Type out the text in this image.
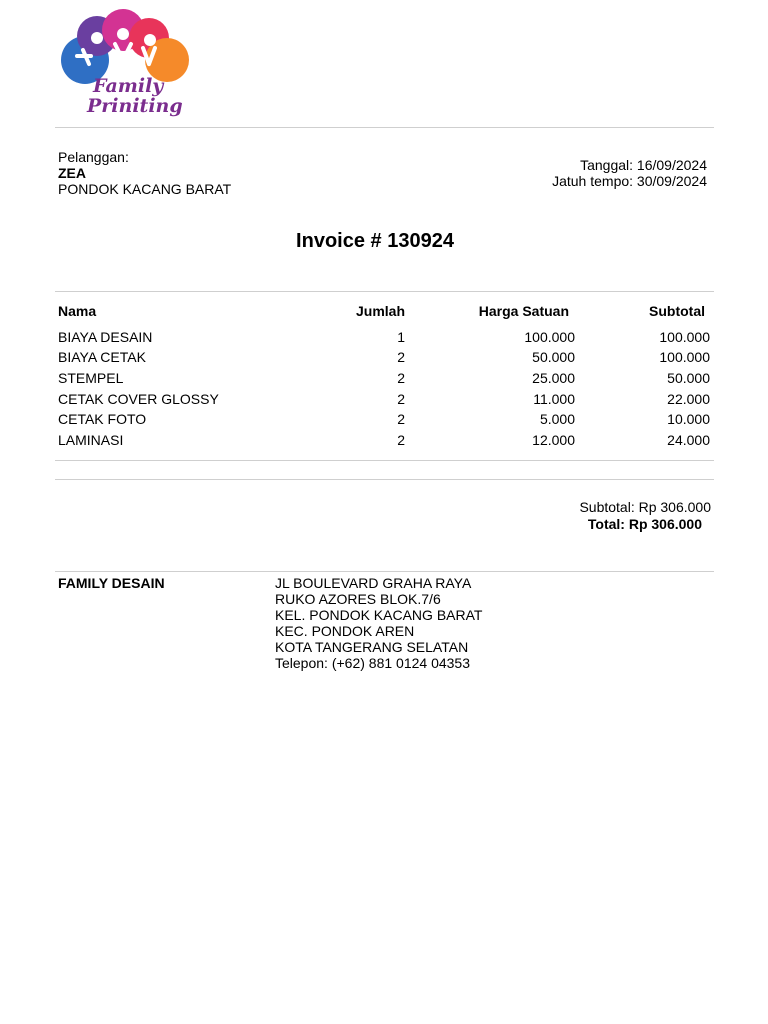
Family
Priniting
Pelanggan:
ZEA
PONDOK KACANG BARAT
Tanggal: 16/09/2024
Jatuh tempo: 30/09/2024
Invoice # 130924
Nama	Jumlah	Harga Satuan	Subtotal
BIAYA DESAIN	1	100.000	100.000
BIAYA CETAK	2	50.000	100.000
STEMPEL	2	25.000	50.000
CETAK COVER GLOSSY	2	11.000	22.000
CETAK FOTO	2	5.000	10.000
LAMINASI	2	12.000	24.000
Subtotal: Rp 306.000
Total: Rp 306.000
FAMILY DESAIN	JL BOULEVARD GRAHA RAYA
RUKO AZORES BLOK.7/6
KEL. PONDOK KACANG BARAT
KEC. PONDOK AREN
KOTA TANGERANG SELATAN
Telepon: (+62) 881 0124 04353
